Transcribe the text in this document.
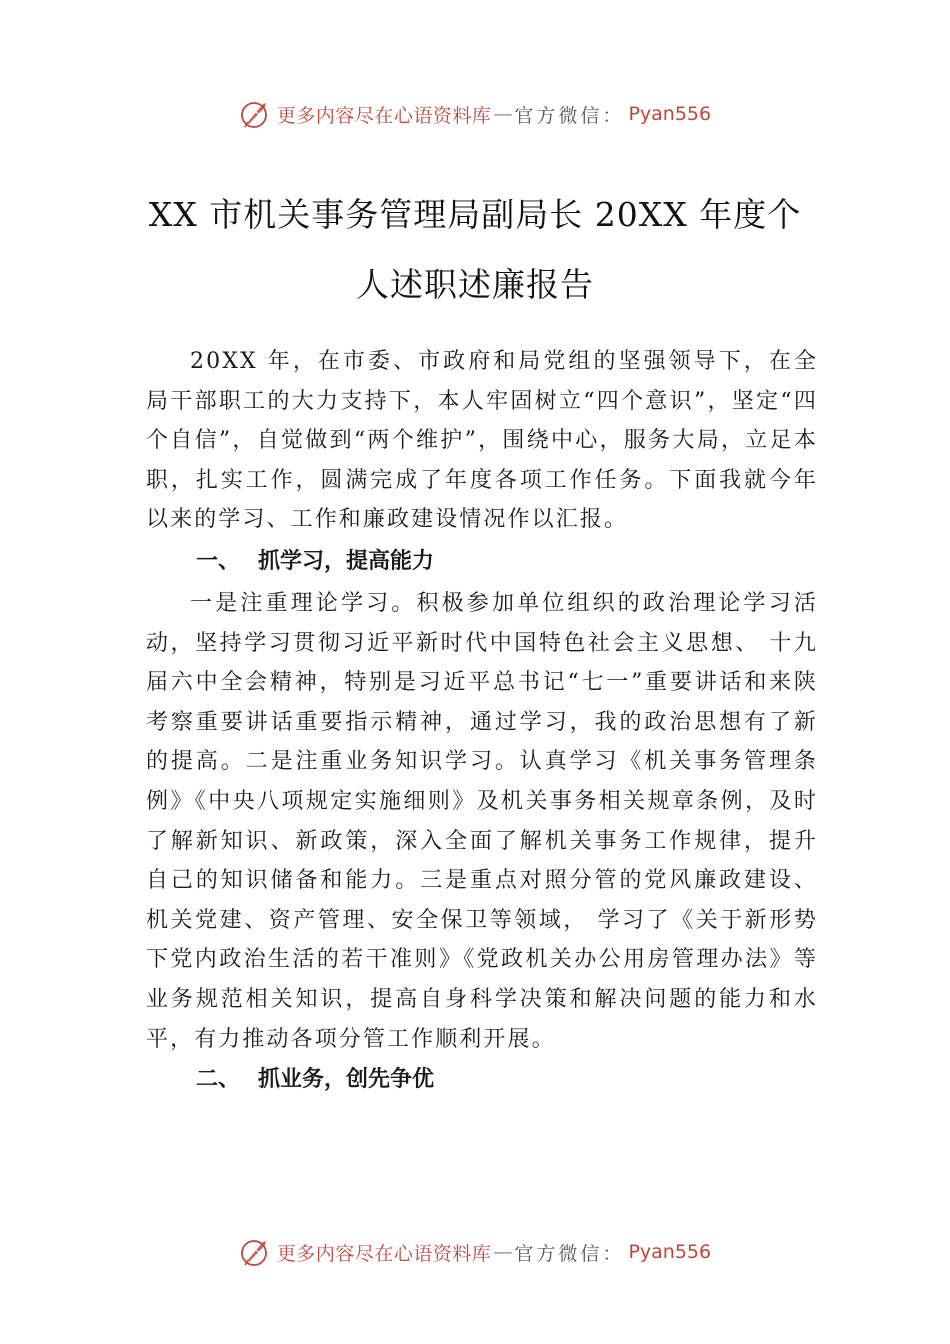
更多内容尽在心语资料库 — 官方微信： Pyan556
XX 市机关事务管理局副局长 20XX 年度个
人述职述廉报告

20XX 年，在市委、市政府和局党组的坚强领导下，在全局干部职工的大力支持下，本人牢固树立“四个意识”，坚定“四个自信”，自觉做到“两个维护”，围绕中心，服务大局，立足本职，扎实工作，圆满完成了年度各项工作任务。下面我就今年以来的学习、工作和廉政建设情况作以汇报。

一、 抓学习，提高能力

一是注重理论学习。积极参加单位组织的政治理论学习活动，坚持学习贯彻习近平新时代中国特色社会主义思想、 十九届六中全会精神，特别是习近平总书记“七一”重要讲话和来陕考察重要讲话重要指示精神，通过学习，我的政治思想有了新的提高。二是注重业务知识学习。认真学习《机关事务管理条例》《中央八项规定实施细则》及机关事务相关规章条例，及时了解新知识、新政策，深入全面了解机关事务工作规律，提升自己的知识储备和能力。三是重点对照分管的党风廉政建设、机关党建、资产管理、安全保卫等领域， 学习了《关于新形势下党内政治生活的若干准则》《党政机关办公用房管理办法》等业务规范相关知识，提高自身科学决策和解决问题的能力和水平，有力推动各项分管工作顺利开展。

二、 抓业务，创先争优
更多内容尽在心语资料库 — 官方微信： Pyan556
